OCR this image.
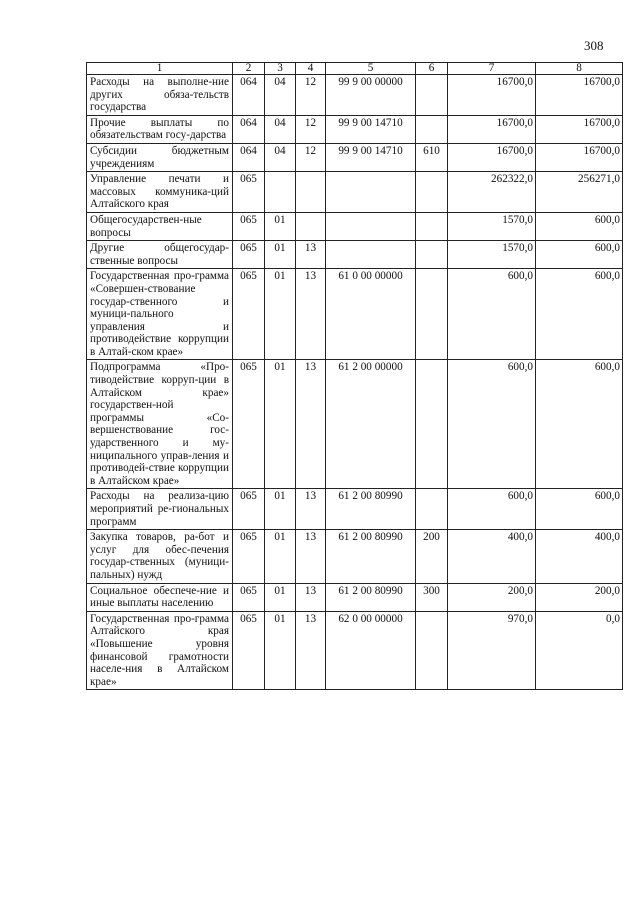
308
1	2	3	4	5	6	7	8
Расходы на выполне-ние других обяза-тельств государства	064	04	12	99 9 00 00000		16700,0	16700,0
Прочие выплаты по обязательствам госу-дарства	064	04	12	99 9 00 14710		16700,0	16700,0
Субсидии бюджетным учреждениям	064	04	12	99 9 00 14710	610	16700,0	16700,0
Управление печати и массовых коммуника-ций Алтайского края	065					262322,0	256271,0
Общегосударствен-ные вопросы	065	01				1570,0	600,0
Другие общегосудар-ственные вопросы	065	01	13			1570,0	600,0
Государственная про-грамма «Совершен-ствование государ-ственного и муници-пального управления и противодействие коррупции в Алтай-ском крае»	065	01	13	61 0 00 00000		600,0	600,0
Подпрограмма «Про-тиводействие корруп-ции в Алтайском крае» государствен-ной программы «Со-вершенствование гос-ударственного и му-ниципального управ-ления и противодей-ствие коррупции в Алтайском крае»	065	01	13	61 2 00 00000		600,0	600,0
Расходы на реализа-цию мероприятий ре-гиональных программ	065	01	13	61 2 00 80990		600,0	600,0
Закупка товаров, ра-бот и услуг для обес-печения государ-ственных (муници-пальных) нужд	065	01	13	61 2 00 80990	200	400,0	400,0
Социальное обеспече-ние и иные выплаты населению	065	01	13	61 2 00 80990	300	200,0	200,0
Государственная про-грамма Алтайского края «Повышение уровня финансовой грамотности населе-ния в Алтайском крае»	065	01	13	62 0 00 00000		970,0	0,0
